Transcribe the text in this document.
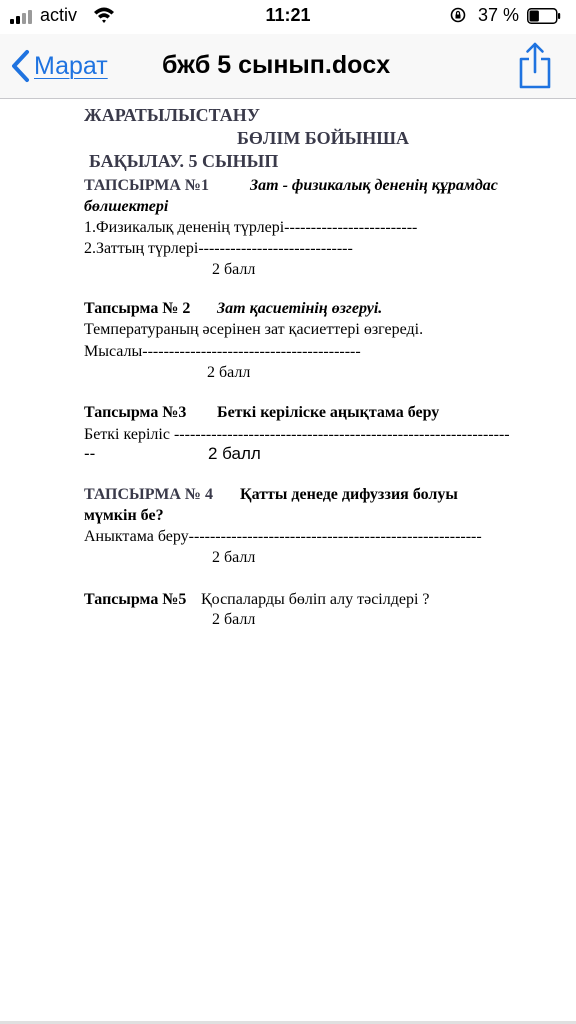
activ	11:21	37 %
Марат бжб 5 сынып.docx
ЖАРАТЫЛЫСТАНУ
БӨЛІМ БОЙЫНША
БАҚЫЛАУ. 5 СЫНЫП
ТАПСЫРМА №1	Зат - физикалық дененің құрамдас
бөлшектері
1.Физикалық дененің түрлері-------------------------
2.Заттың түрлері-----------------------------
2 балл
Тапсырма № 2 Зат қасиетінің өзгеруі.
Температураның әсерінен зат қасиеттері өзгереді.
Мысалы-----------------------------------------
2 балл
Тапсырма №3 Беткі керіліске аңықтама беру
Беткі керіліс ---------------------------------------------------------------
--	2 балл
ТАПСЫРМА № 4 Қатты денеде дифуззия болуы
мүмкін бе?
Аныктама беру-------------------------------------------------------
2 балл
Тапсырма №5 Қоспаларды бөліп алу тәсілдері ?
2 балл
